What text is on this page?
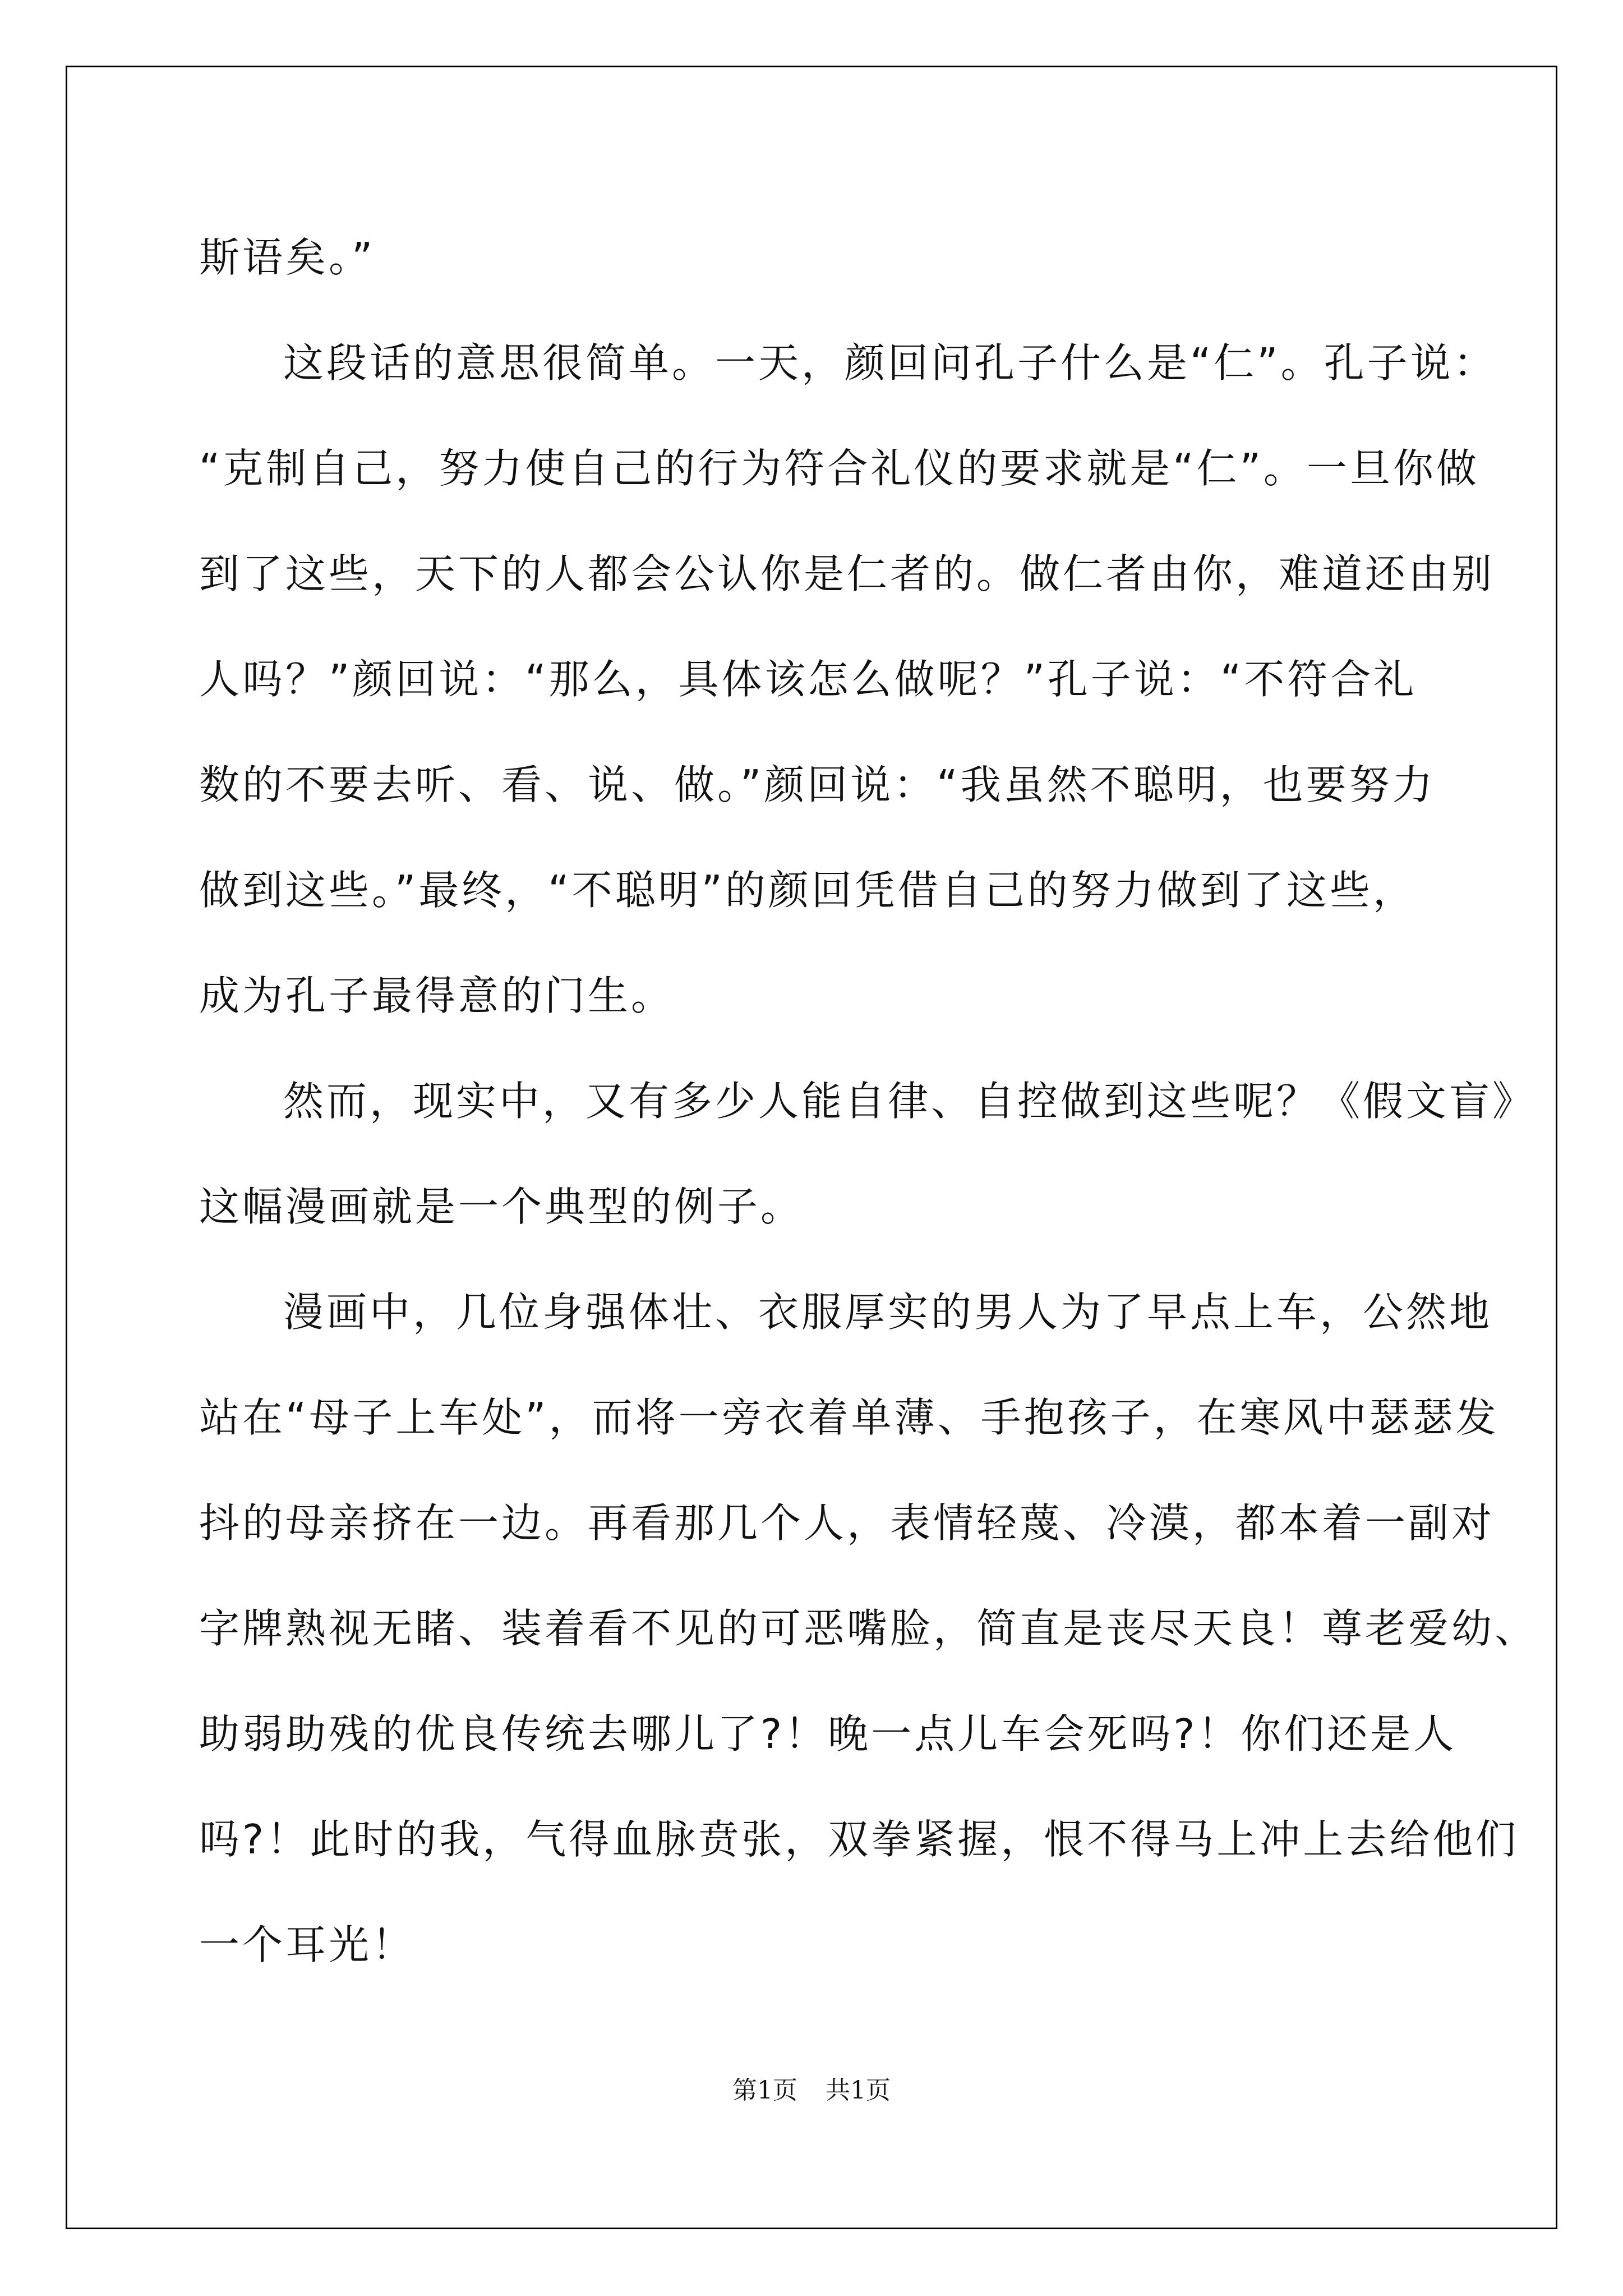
斯语矣。”
这段话的意思很简单。一天，颜回问孔子什么是“仁”。孔子说：
“克制自己，努力使自己的行为符合礼仪的要求就是“仁”。一旦你做
到了这些，天下的人都会公认你是仁者的。做仁者由你，难道还由别
人吗？”颜回说：“那么，具体该怎么做呢？”孔子说：“不符合礼
数的不要去听、看、说、做。”颜回说：“我虽然不聪明，也要努力
做到这些。”最终，“不聪明”的颜回凭借自己的努力做到了这些，
成为孔子最得意的门生。
然而，现实中，又有多少人能自律、自控做到这些呢？《假文盲》
这幅漫画就是一个典型的例子。
漫画中，几位身强体壮、衣服厚实的男人为了早点上车，公然地
站在“母子上车处”，而将一旁衣着单薄、手抱孩子，在寒风中瑟瑟发
抖的母亲挤在一边。再看那几个人，表情轻蔑、冷漠，都本着一副对
字牌熟视无睹、装着看不见的可恶嘴脸，简直是丧尽天良！尊老爱幼、
助弱助残的优良传统去哪儿了?！晚一点儿车会死吗?！你们还是人
吗?！此时的我，气得血脉贲张，双拳紧握，恨不得马上冲上去给他们
一个耳光！
第1页 共1页
